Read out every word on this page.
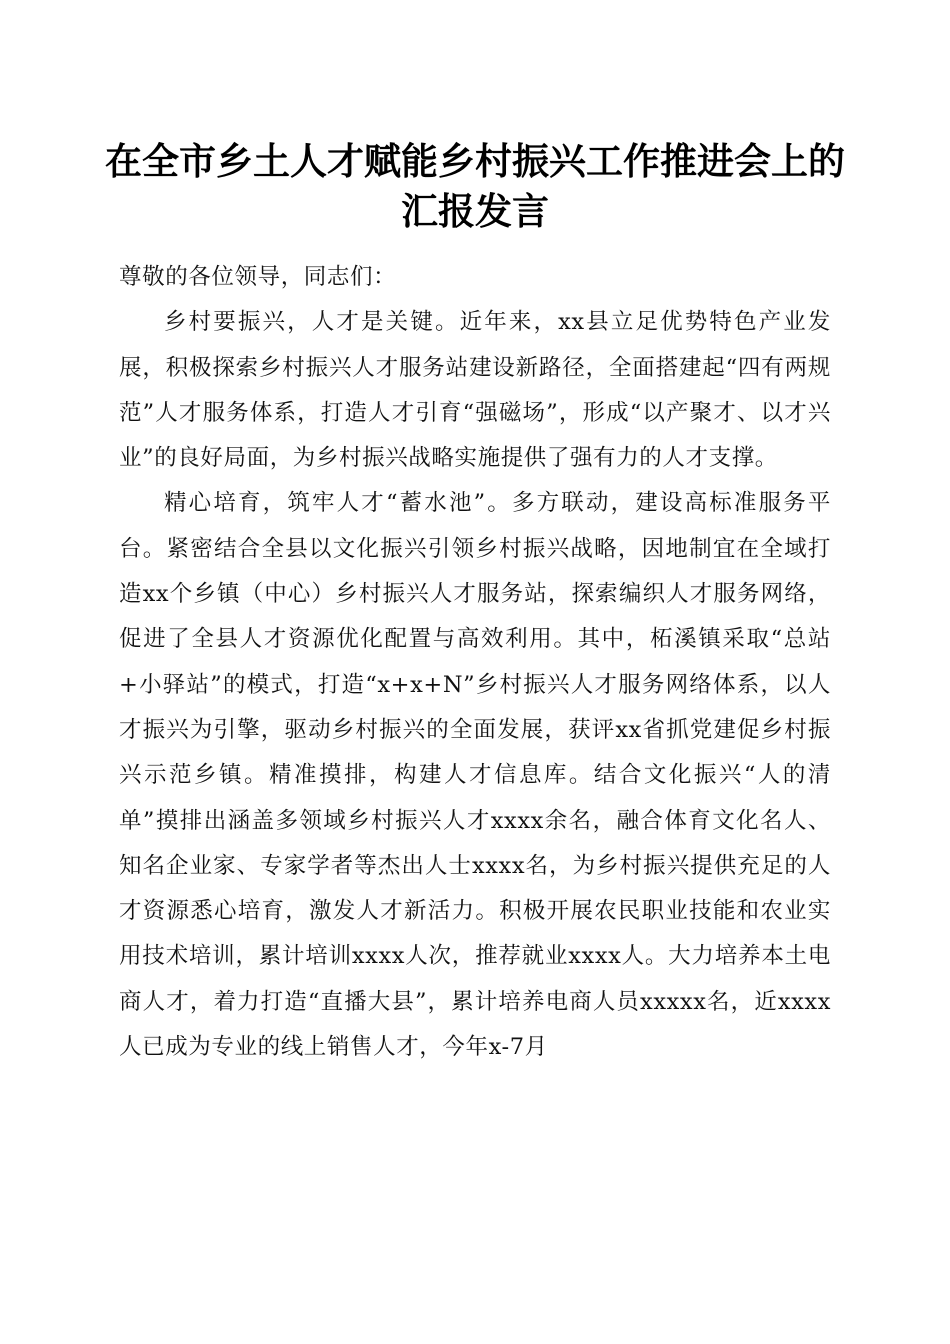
在全市乡土人才赋能乡村振兴工作推进会上的
汇报发言

尊敬的各位领导，同志们：

乡村要振兴，人才是关键。近年来，xx县立足优势特色产业发展，积极探索乡村振兴人才服务站建设新路径，全面搭建起“四有两规范”人才服务体系，打造人才引育“强磁场”，形成“以产聚才、以才兴业”的良好局面，为乡村振兴战略实施提供了强有力的人才支撑。

精心培育，筑牢人才“蓄水池”。多方联动，建设高标准服务平台。紧密结合全县以文化振兴引领乡村振兴战略，因地制宜在全域打造xx个乡镇（中心）乡村振兴人才服务站，探索编织人才服务网络，促进了全县人才资源优化配置与高效利用。其中，柘溪镇采取“总站+小驿站”的模式，打造“x+x+N”乡村振兴人才服务网络体系，以人才振兴为引擎，驱动乡村振兴的全面发展，获评xx省抓党建促乡村振兴示范乡镇。精准摸排，构建人才信息库。结合文化振兴“人的清单”摸排出涵盖多领域乡村振兴人才xxxx余名，融合体育文化名人、知名企业家、专家学者等杰出人士xxxx名，为乡村振兴提供充足的人才资源悉心培育，激发人才新活力。积极开展农民职业技能和农业实用技术培训，累计培训xxxx人次，推荐就业xxxx人。大力培养本土电商人才，着力打造“直播大县”，累计培养电商人员xxxxx名，近xxxx人已成为专业的线上销售人才，今年x-7月
